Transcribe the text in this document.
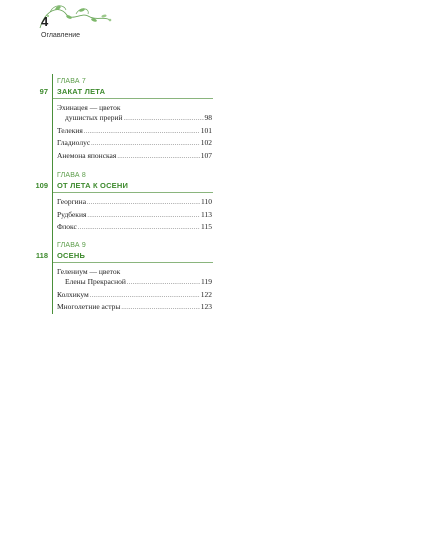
4
Оглавление
ГЛАВА 7
ЗАКАТ ЛЕТА
97
Эхинацея — цветок
душистых прерий .....	98
Телекия .....	101
Гладиолус .....	102
Анемона японская .....	107
ГЛАВА 8
ОТ ЛЕТА К ОСЕНИ
109
Георгина .....	110
Рудбекия .....	113
Флокс .....	115
ГЛАВА 9
ОСЕНЬ
118
Гелениум — цветок
Елены Прекрасной .....	119
Колхикум .....	122
Многолетние астры .....	123
